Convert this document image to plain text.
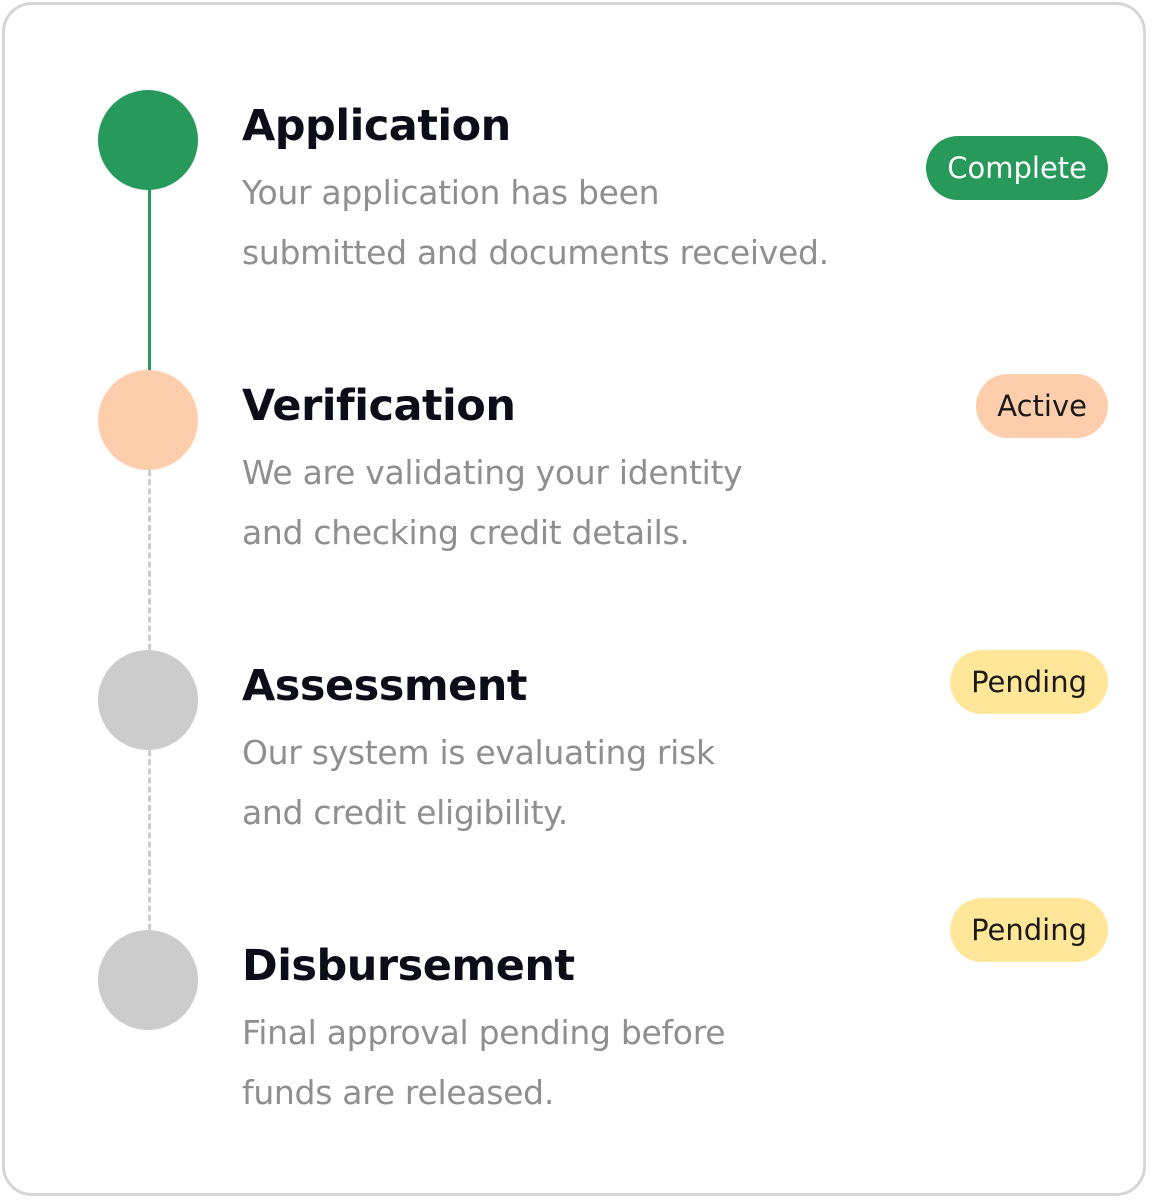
Application

Your application has been
submitted and documents received.

Complete
Verification

We are validating your identity
and checking credit details.

Active
Assessment

Our system is evaluating risk
and credit eligibility.

Pending
Disbursement

Final approval pending before
funds are released.

Pending
